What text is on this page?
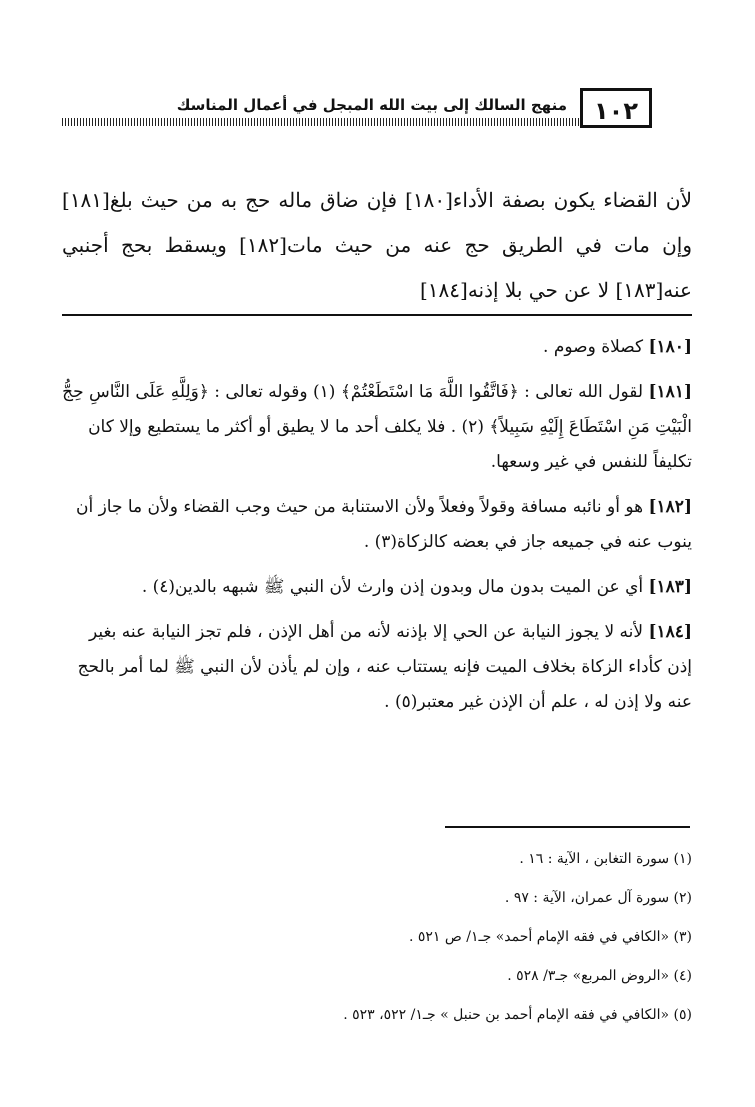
١٠٢
منهج السالك إلى بيت الله المبجل في أعمال المناسك

لأن القضاء يكون بصفة الأداء[١٨٠] فإن ضاق ماله حج به من حيث بلغ[١٨١] وإن مات في الطريق حج عنه من حيث مات[١٨٢] ويسقط بحج أجنبي عنه[١٨٣] لا عن حي بلا إذنه[١٨٤]

[١٨٠] كصلاة وصوم .

[١٨١] لقول الله تعالى : ﴿فَاتَّقُوا اللَّهَ مَا اسْتَطَعْتُمْ﴾ (١) وقوله تعالى : ﴿وَلِلَّهِ عَلَى النَّاسِ حِجُّ الْبَيْتِ مَنِ اسْتَطَاعَ إِلَيْهِ سَبِيلاً﴾ (٢) . فلا يكلف أحد ما لا يطيق أو أكثر ما يستطيع وإلا كان تكليفاً للنفس في غير وسعها.

[١٨٢] هو أو نائبه مسافة وقولاً وفعلاً ولأن الاستنابة من حيث وجب القضاء ولأن ما جاز أن ينوب عنه في جميعه جاز في بعضه كالزكاة(٣) .

[١٨٣] أي عن الميت بدون مال وبدون إذن وارث لأن النبي ﷺ شبهه بالدين(٤) .

[١٨٤] لأنه لا يجوز النيابة عن الحي إلا بإذنه لأنه من أهل الإذن ، فلم تجز النيابة عنه بغير إذن كأداء الزكاة بخلاف الميت فإنه يستتاب عنه ، وإن لم يأذن لأن النبي ﷺ لما أمر بالحج عنه ولا إذن له ، علم أن الإذن غير معتبر(٥) .

(١) سورة التغابن ، الآية : ١٦ .

(٢) سورة آل عمران، الآية : ٩٧ .

(٣) «الكافي في فقه الإمام أحمد» جـ١/ ص ٥٢١ .

(٤) «الروض المربع» جـ٣/ ٥٢٨ .

(٥) «الكافي في فقه الإمام أحمد بن حنبل » جـ١/ ٥٢٢، ٥٢٣ .
